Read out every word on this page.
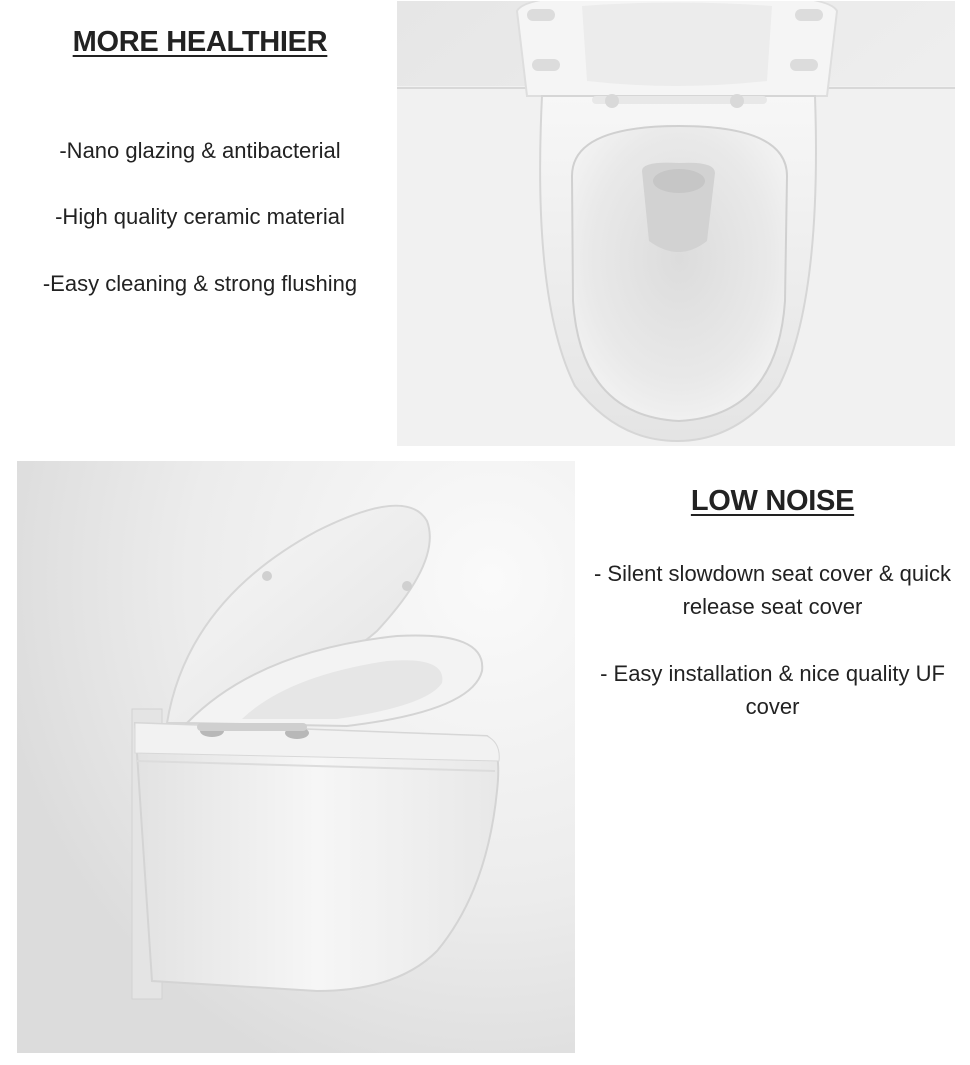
MORE HEALTHIER

-Nano glazing & antibacterial

-High quality ceramic material

-Easy cleaning & strong flushing

LOW NOISE

- Silent slowdown seat cover & quick release seat cover

- Easy installation & nice quality UF cover
